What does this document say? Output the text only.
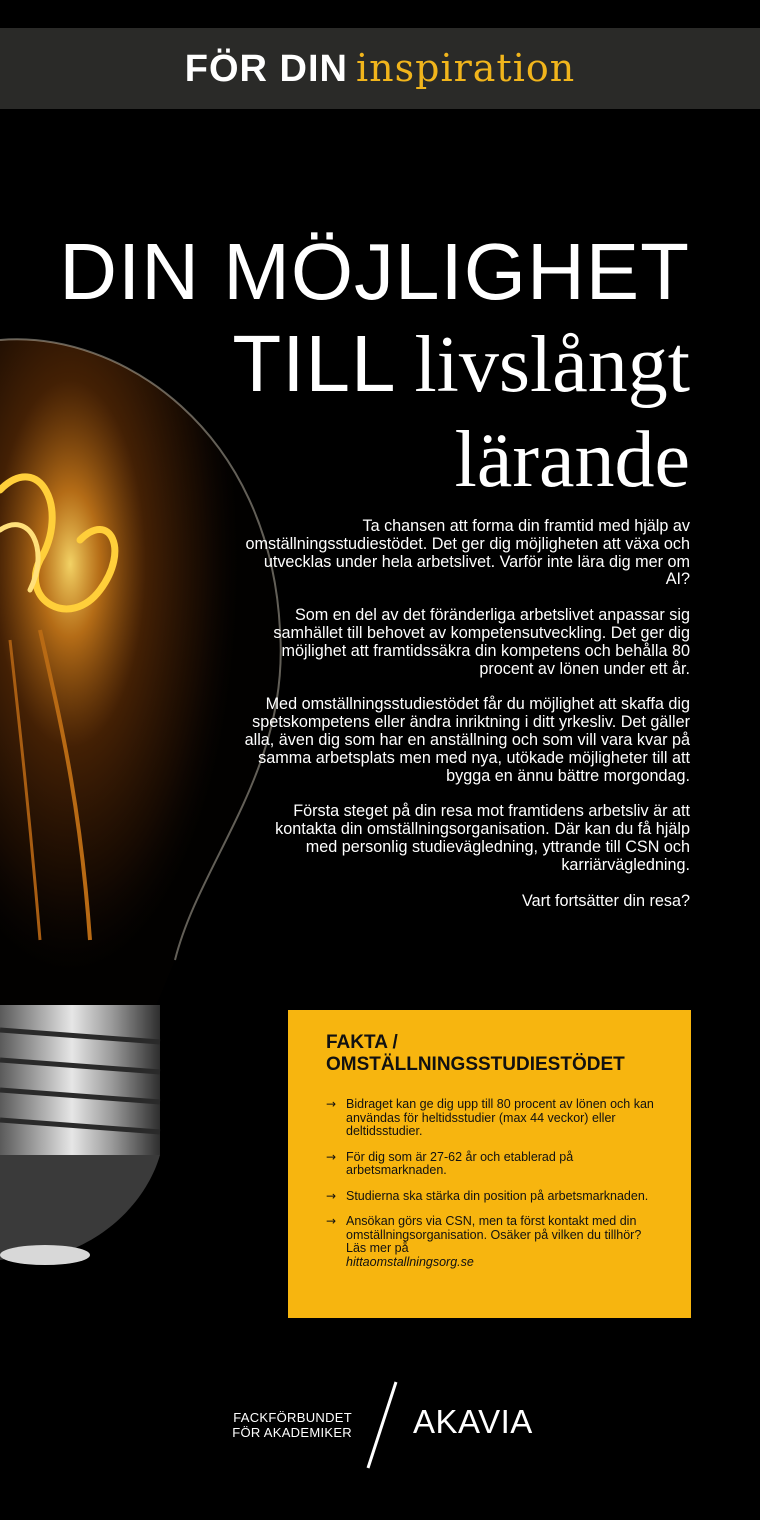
FÖR DIN inspiration
DIN MÖJLIGHET
TILL livslångt
lärande

Ta chansen att forma din framtid med hjälp av omställningsstudiestödet. Det ger dig möjligheten att växa och utvecklas under hela arbetslivet. Varför inte lära dig mer om AI?

Som en del av det föränderliga arbetslivet anpassar sig samhället till behovet av kompetensutveckling. Det ger dig möjlighet att framtidssäkra din kompetens och behålla 80 procent av lönen under ett år.

Med omställningsstudiestödet får du möjlighet att skaffa dig spetskompetens eller ändra inriktning i ditt yrkesliv. Det gäller alla, även dig som har en anställning och som vill vara kvar på samma arbetsplats men med nya, utökade möjligheter till att bygga en ännu bättre morgondag.

Första steget på din resa mot framtidens arbetsliv är att kontakta din omställningsorganisation. Där kan du få hjälp med personlig studievägledning, yttrande till CSN och karriärvägledning.

Vart fortsätter din resa?

FAKTA /
OMSTÄLLNINGSSTUDIESTÖDET
→ Bidraget kan ge dig upp till 80 procent av lönen och kan användas för heltidsstudier (max 44 veckor) eller deltidsstudier.
→ För dig som är 27-62 år och etablerad på arbetsmarknaden.
→ Studierna ska stärka din position på arbetsmarknaden.
→ Ansökan görs via CSN, men ta först kontakt med din omställningsorganisation. Osäker på vilken du tillhör? Läs mer på
hittaomstallningsorg.se
FACKFÖRBUNDET
FÖR AKADEMIKER AKAVIA
